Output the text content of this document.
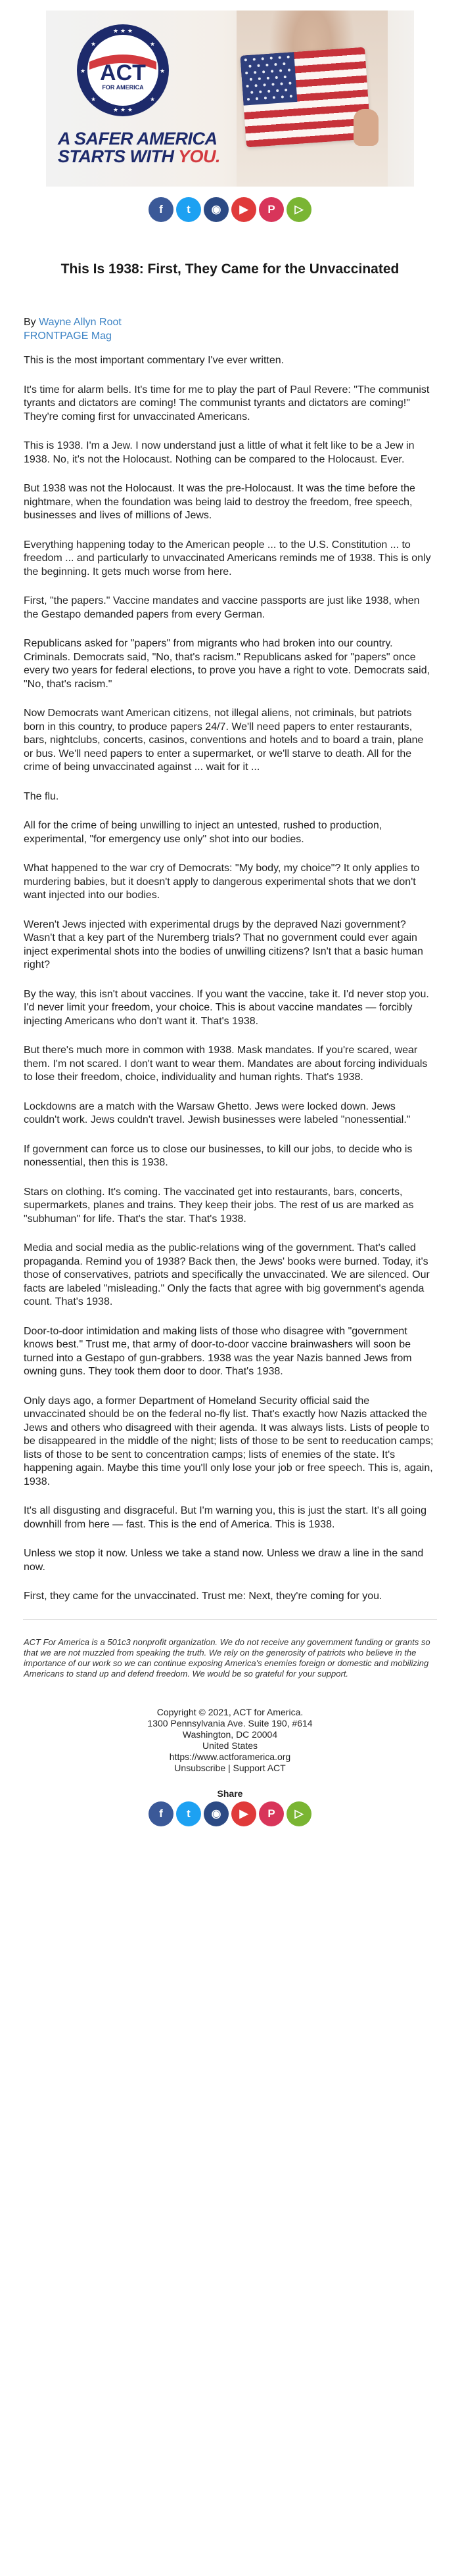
★ ★ ★
★ ★ ★
★	★
★	★
★	★
ACT
FOR AMERICA
A SAFER AMERICA
STARTS WITH YOU.
f	t	◉	▶	P	▷
This Is 1938: First, They Came for the Unvaccinated
By Wayne Allyn Root
FRONTPAGE Mag

This is the most important commentary I've ever written.

It's time for alarm bells. It's time for me to play the part of Paul Revere: "The communist tyrants and dictators are coming! The communist tyrants and dictators are coming!" They're coming first for unvaccinated Americans.

This is 1938. I'm a Jew. I now understand just a little of what it felt like to be a Jew in 1938. No, it's not the Holocaust. Nothing can be compared to the Holocaust. Ever.

But 1938 was not the Holocaust. It was the pre-Holocaust. It was the time before the nightmare, when the foundation was being laid to destroy the freedom, free speech, businesses and lives of millions of Jews.

Everything happening today to the American people ... to the U.S. Constitution ... to freedom ... and particularly to unvaccinated Americans reminds me of 1938. This is only the beginning. It gets much worse from here.

First, "the papers." Vaccine mandates and vaccine passports are just like 1938, when the Gestapo demanded papers from every German.

Republicans asked for "papers" from migrants who had broken into our country. Criminals. Democrats said, "No, that's racism." Republicans asked for "papers" once every two years for federal elections, to prove you have a right to vote. Democrats said, "No, that's racism."

Now Democrats want American citizens, not illegal aliens, not criminals, but patriots born in this country, to produce papers 24/7. We'll need papers to enter restaurants, bars, nightclubs, concerts, casinos, conventions and hotels and to board a train, plane or bus. We'll need papers to enter a supermarket, or we'll starve to death. All for the crime of being unvaccinated against ... wait for it ...

The flu.

All for the crime of being unwilling to inject an untested, rushed to production, experimental, "for emergency use only" shot into our bodies.

What happened to the war cry of Democrats: "My body, my choice"? It only applies to murdering babies, but it doesn't apply to dangerous experimental shots that we don't want injected into our bodies.

Weren't Jews injected with experimental drugs by the depraved Nazi government? Wasn't that a key part of the Nuremberg trials? That no government could ever again inject experimental shots into the bodies of unwilling citizens? Isn't that a basic human right?

By the way, this isn't about vaccines. If you want the vaccine, take it. I'd never stop you. I'd never limit your freedom, your choice. This is about vaccine mandates — forcibly injecting Americans who don't want it. That's 1938.

But there's much more in common with 1938. Mask mandates. If you're scared, wear them. I'm not scared. I don't want to wear them. Mandates are about forcing individuals to lose their freedom, choice, individuality and human rights. That's 1938.

Lockdowns are a match with the Warsaw Ghetto. Jews were locked down. Jews couldn't work. Jews couldn't travel. Jewish businesses were labeled "nonessential."

If government can force us to close our businesses, to kill our jobs, to decide who is nonessential, then this is 1938.

Stars on clothing. It's coming. The vaccinated get into restaurants, bars, concerts, supermarkets, planes and trains. They keep their jobs. The rest of us are marked as "subhuman" for life. That's the star. That's 1938.

Media and social media as the public-relations wing of the government. That's called propaganda. Remind you of 1938? Back then, the Jews' books were burned. Today, it's those of conservatives, patriots and specifically the unvaccinated. We are silenced. Our facts are labeled "misleading." Only the facts that agree with big government's agenda count. That's 1938.

Door-to-door intimidation and making lists of those who disagree with "government knows best." Trust me, that army of door-to-door vaccine brainwashers will soon be turned into a Gestapo of gun-grabbers. 1938 was the year Nazis banned Jews from owning guns. They took them door to door. That's 1938.

Only days ago, a former Department of Homeland Security official said the unvaccinated should be on the federal no-fly list. That's exactly how Nazis attacked the Jews and others who disagreed with their agenda. It was always lists. Lists of people to be disappeared in the middle of the night; lists of those to be sent to reeducation camps; lists of those to be sent to concentration camps; lists of enemies of the state. It's happening again. Maybe this time you'll only lose your job or free speech. This is, again, 1938.

It's all disgusting and disgraceful. But I'm warning you, this is just the start. It's all going downhill from here — fast. This is the end of America. This is 1938.

Unless we stop it now. Unless we take a stand now. Unless we draw a line in the sand now.

First, they came for the unvaccinated. Trust me: Next, they're coming for you.

ACT For America is a 501c3 nonprofit organization. We do not receive any government funding or grants so that we are not muzzled from speaking the truth. We rely on the generosity of patriots who believe in the importance of our work so we can continue exposing America's enemies foreign or domestic and mobilizing Americans to stand up and defend freedom. We would be so grateful for your support.

Copyright © 2021, ACT for America.
1300 Pennsylvania Ave. Suite 190, #614
Washington, DC 20004
United States
https://www.actforamerica.org
Unsubscribe | Support ACT
Share
f	t	◉	▶	P	▷
